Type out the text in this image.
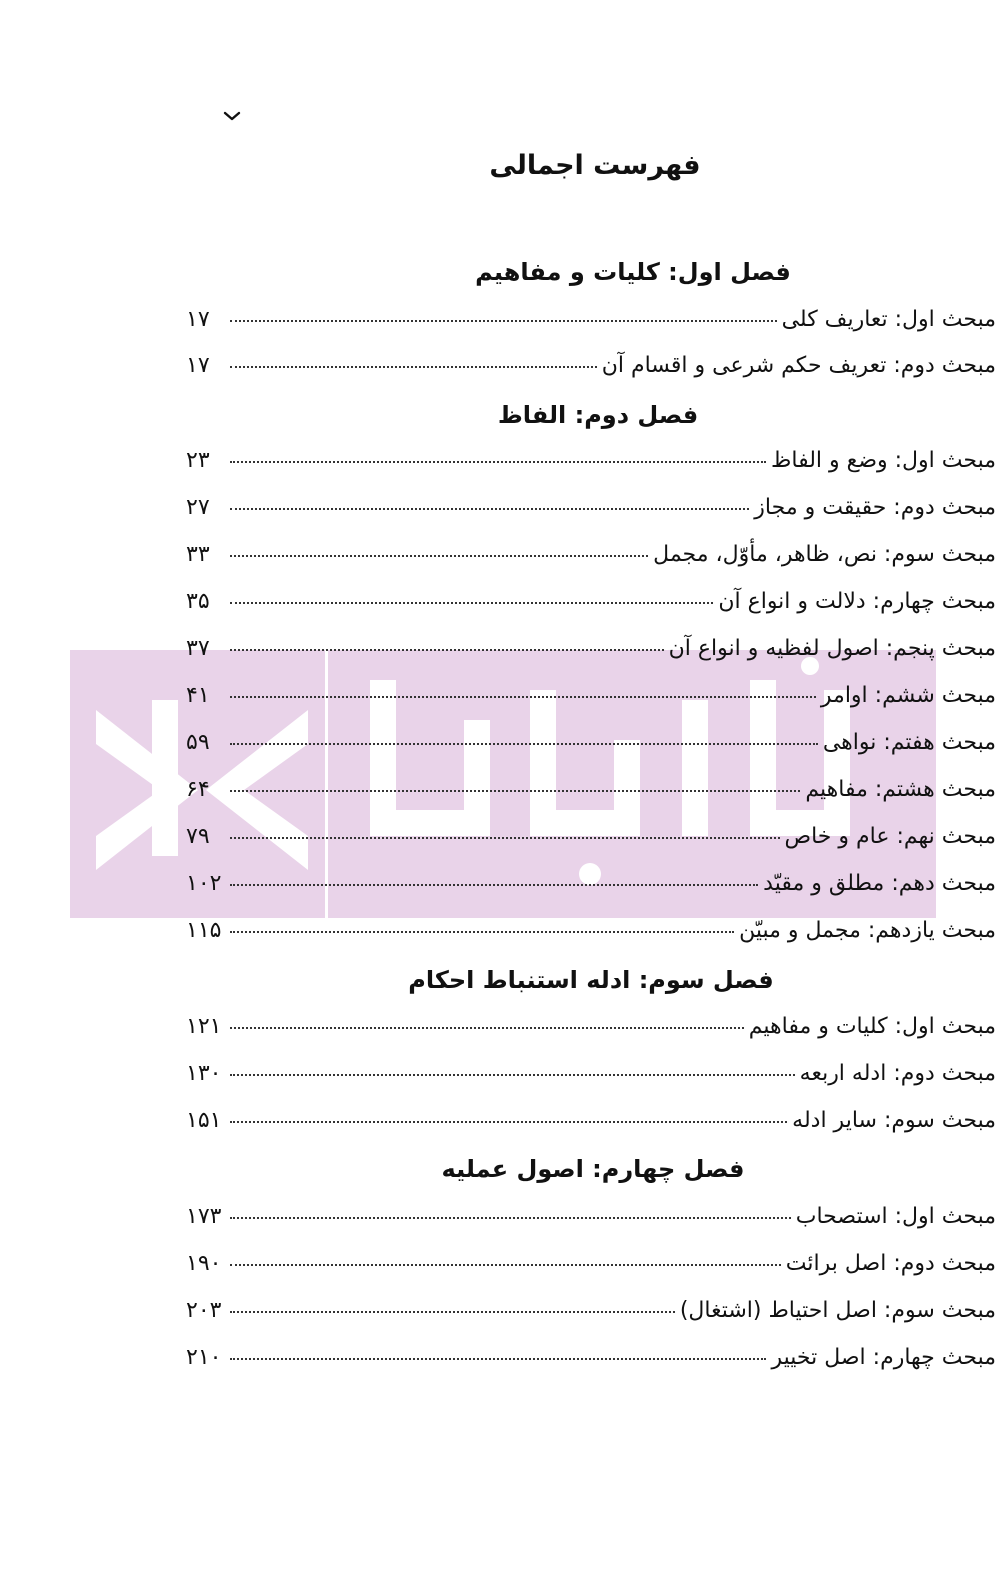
فهرست اجمالی
فصل اول: کلیات و مفاهیم
مبحث اول: تعاریف کلی
۱۷
مبحث دوم: تعریف حکم شرعی و اقسام آن
۱۷
فصل دوم: الفاظ
مبحث اول: وضع و الفاظ
۲۳
مبحث دوم: حقیقت و مجاز
۲۷
مبحث سوم: نص، ظاهر، مأوّل، مجمل
۳۳
مبحث چهارم: دلالت و انواع آن
۳۵
مبحث پنجم: اصول لفظیه و انواع آن
۳۷
مبحث ششم: اوامر
۴۱
مبحث هفتم: نواهی
۵۹
مبحث هشتم: مفاهیم
۶۴
مبحث نهم: عام و خاص
۷۹
مبحث دهم: مطلق و مقیّد
۱۰۲
مبحث یازدهم: مجمل و مبیّن
۱۱۵
فصل سوم: ادله استنباط احکام
مبحث اول: کلیات و مفاهیم
۱۲۱
مبحث دوم: ادله اربعه
۱۳۰
مبحث سوم: سایر ادله
۱۵۱
فصل چهارم: اصول عملیه
مبحث اول: استصحاب
۱۷۳
مبحث دوم: اصل برائت
۱۹۰
مبحث سوم: اصل احتیاط (اشتغال)
۲۰۳
مبحث چهارم: اصل تخییر
۲۱۰
